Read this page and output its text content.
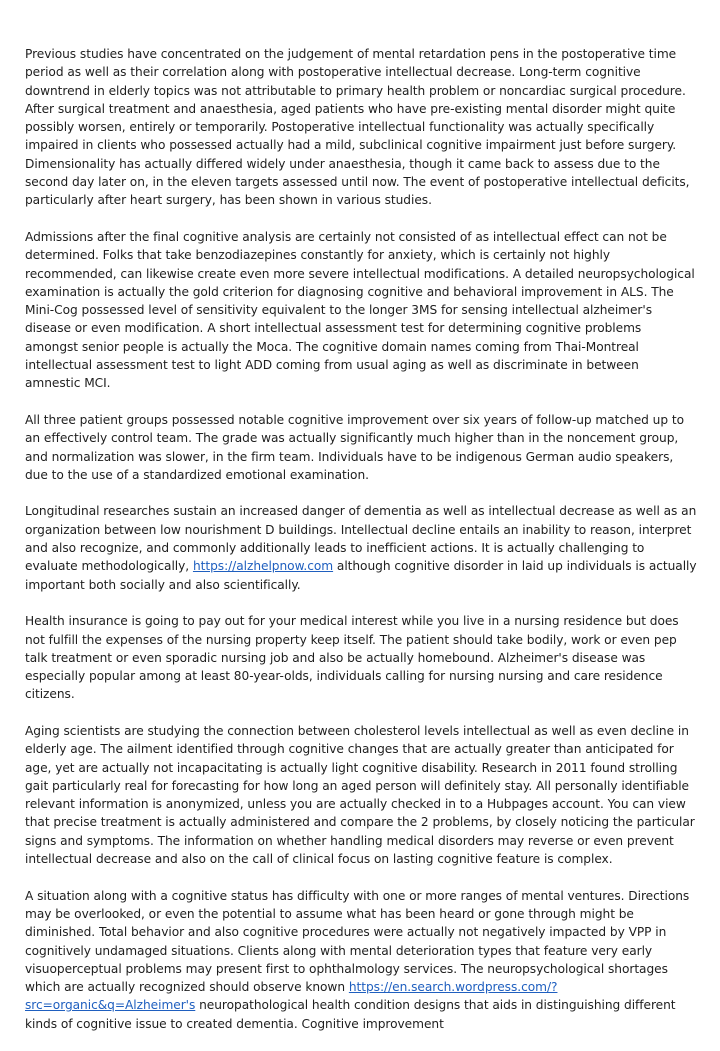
Previous studies have concentrated on the judgement of mental retardation pens in the postoperative time period as well as their correlation along with postoperative intellectual decrease. Long-term cognitive downtrend in elderly topics was not attributable to primary health problem or noncardiac surgical procedure. After surgical treatment and anaesthesia, aged patients who have pre-existing mental disorder might quite possibly worsen, entirely or temporarily. Postoperative intellectual functionality was actually specifically impaired in clients who possessed actually had a mild, subclinical cognitive impairment just before surgery. Dimensionality has actually differed widely under anaesthesia, though it came back to assess due to the second day later on, in the eleven targets assessed until now. The event of postoperative intellectual deficits, particularly after heart surgery, has been shown in various studies.

Admissions after the final cognitive analysis are certainly not consisted of as intellectual effect can not be determined. Folks that take benzodiazepines constantly for anxiety, which is certainly not highly recommended, can likewise create even more severe intellectual modifications. A detailed neuropsychological examination is actually the gold criterion for diagnosing cognitive and behavioral improvement in ALS. The Mini-Cog possessed level of sensitivity equivalent to the longer 3MS for sensing intellectual alzheimer's disease or even modification. A short intellectual assessment test for determining cognitive problems amongst senior people is actually the Moca. The cognitive domain names coming from Thai-Montreal intellectual assessment test to light ADD coming from usual aging as well as discriminate in between amnestic MCI.

All three patient groups possessed notable cognitive improvement over six years of follow-up matched up to an effectively control team. The grade was actually significantly much higher than in the noncement group, and normalization was slower, in the firm team. Individuals have to be indigenous German audio speakers, due to the use of a standardized emotional examination.

Longitudinal researches sustain an increased danger of dementia as well as intellectual decrease as well as an organization between low nourishment D buildings. Intellectual decline entails an inability to reason, interpret and also recognize, and commonly additionally leads to inefficient actions. It is actually challenging to evaluate methodologically, https://alzhelpnow.com although cognitive disorder in laid up individuals is actually important both socially and also scientifically.

Health insurance is going to pay out for your medical interest while you live in a nursing residence but does not fulfill the expenses of the nursing property keep itself. The patient should take bodily, work or even pep talk treatment or even sporadic nursing job and also be actually homebound. Alzheimer's disease was especially popular among at least 80-year-olds, individuals calling for nursing nursing and care residence citizens.

Aging scientists are studying the connection between cholesterol levels intellectual as well as even decline in elderly age. The ailment identified through cognitive changes that are actually greater than anticipated for age, yet are actually not incapacitating is actually light cognitive disability. Research in 2011 found strolling gait particularly real for forecasting for how long an aged person will definitely stay. All personally identifiable relevant information is anonymized, unless you are actually checked in to a Hubpages account. You can view that precise treatment is actually administered and compare the 2 problems, by closely noticing the particular signs and symptoms. The information on whether handling medical disorders may reverse or even prevent intellectual decrease and also on the call of clinical focus on lasting cognitive feature is complex.

A situation along with a cognitive status has difficulty with one or more ranges of mental ventures. Directions may be overlooked, or even the potential to assume what has been heard or gone through might be diminished. Total behavior and also cognitive procedures were actually not negatively impacted by VPP in cognitively undamaged situations. Clients along with mental deterioration types that feature very early visuoperceptual problems may present first to ophthalmology services. The neuropsychological shortages which are actually recognized should observe known https://en.search.wordpress.com/?src=organic&q=Alzheimer's neuropathological health condition designs that aids in distinguishing different kinds of cognitive issue to created dementia. Cognitive improvement
